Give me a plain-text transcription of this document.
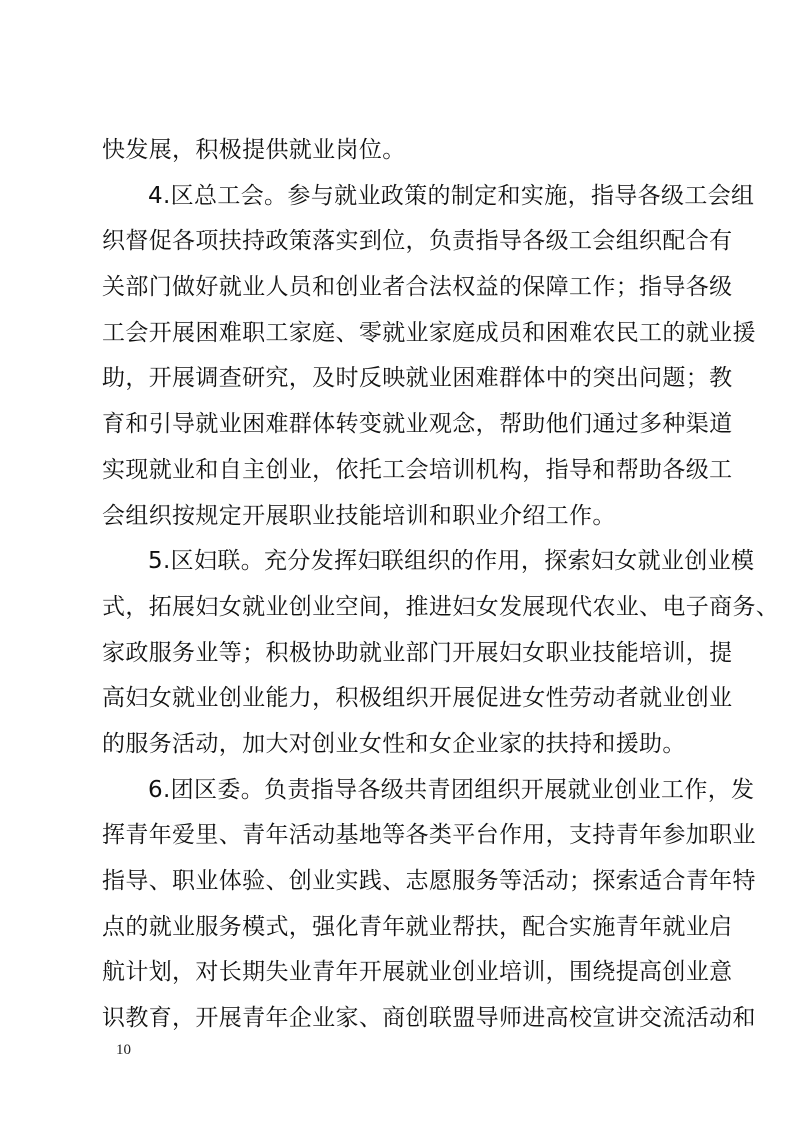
快发展，积极提供就业岗位。
4.区总工会。参与就业政策的制定和实施，指导各级工会组
织督促各项扶持政策落实到位，负责指导各级工会组织配合有
关部门做好就业人员和创业者合法权益的保障工作；指导各级
工会开展困难职工家庭、零就业家庭成员和困难农民工的就业援
助，开展调查研究，及时反映就业困难群体中的突出问题；教
育和引导就业困难群体转变就业观念，帮助他们通过多种渠道
实现就业和自主创业，依托工会培训机构，指导和帮助各级工
会组织按规定开展职业技能培训和职业介绍工作。
5.区妇联。充分发挥妇联组织的作用，探索妇女就业创业模
式，拓展妇女就业创业空间，推进妇女发展现代农业、电子商务、
家政服务业等；积极协助就业部门开展妇女职业技能培训，提
高妇女就业创业能力，积极组织开展促进女性劳动者就业创业
的服务活动，加大对创业女性和女企业家的扶持和援助。
6.团区委。负责指导各级共青团组织开展就业创业工作，发
挥青年爱里、青年活动基地等各类平台作用，支持青年参加职业
指导、职业体验、创业实践、志愿服务等活动；探索适合青年特
点的就业服务模式，强化青年就业帮扶，配合实施青年就业启
航计划，对长期失业青年开展就业创业培训，围绕提高创业意
识教育，开展青年企业家、商创联盟导师进高校宣讲交流活动和
10
